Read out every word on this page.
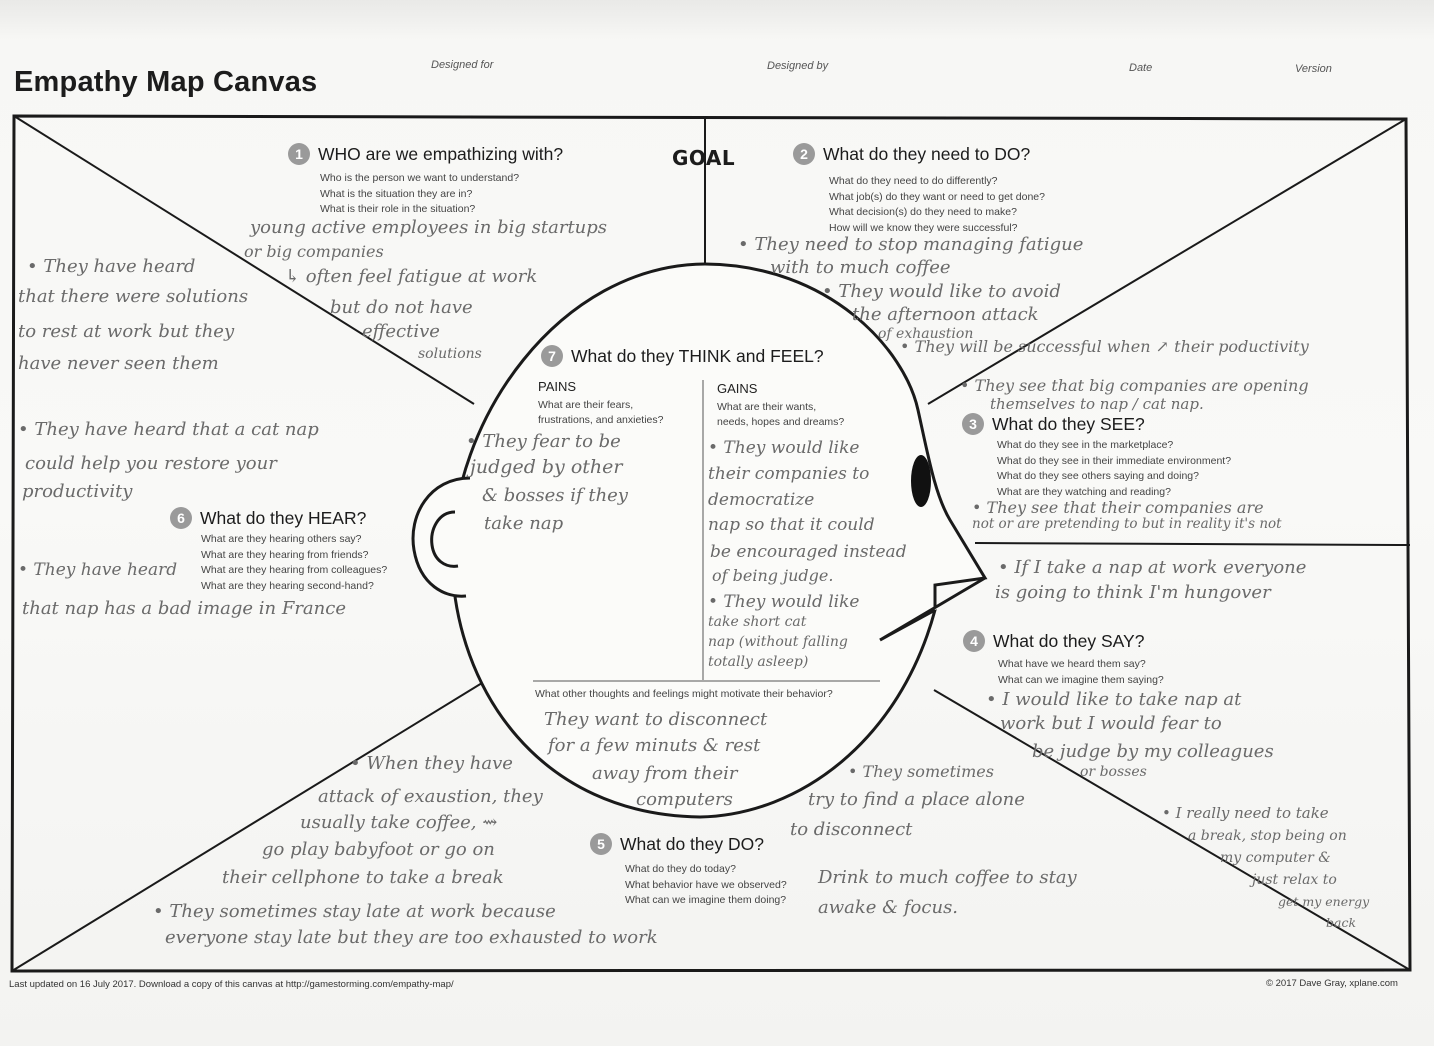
Empathy Map Canvas
Designed for	Designed by	Date	Version
GOAL
1 WHO are we empathizing with?
Who is the person we want to understand?
What is the situation they are in?
What is their role in the situation?
young active employees in big startups
or big companies
↳ often feel fatigue at work
but do not have
effective
solutions
2 What do they need to DO?
What do they need to do differently?
What job(s) do they want or need to get done?
What decision(s) do they need to make?
How will we know they were successful?
• They need to stop managing fatigue
with to much coffee
• They would like to avoid
the afternoon attack
of exhaustion
• They will be successful when ↗ their poductivity
• They see that big companies are opening
themselves to nap / cat nap.
3 What do they SEE?
What do they see in the marketplace?
What do they see in their immediate environment?
What do they see others saying and doing?
What are they watching and reading?
• They see that their companies are
not or are pretending to but in reality it's not
• If I take a nap at work everyone
is going to think I'm hungover
4 What do they SAY?
What have we heard them say?
What can we imagine them saying?
• I would like to take nap at
work but I would fear to
be judge by my colleagues
or bosses
• I really need to take
a break, stop being on
my computer &
just relax to
get my energy
back
5 What do they DO?
What do they do today?
What behavior have we observed?
What can we imagine them doing?
• When they have
attack of exaustion, they
usually take coffee, ⇝
go play babyfoot or go on
their cellphone to take a break
• They sometimes
try to find a place alone
to disconnect
Drink to much coffee to stay
awake & focus.
• They sometimes stay late at work because
everyone stay late but they are too exhausted to work
• They have heard
that there were solutions
to rest at work but they
have never seen them
• They have heard that a cat nap
could help you restore your
productivity
6 What do they HEAR?
What are they hearing others say?
What are they hearing from friends?
What are they hearing from colleagues?
What are they hearing second-hand?
• They have heard
that nap has a bad image in France
7 What do they THINK and FEEL?
PAINS
What are their fears,
frustrations, and anxieties?
• They fear to be
judged by other
& bosses if they
take nap
GAINS
What are their wants,
needs, hopes and dreams?
• They would like
their companies to
democratize
nap so that it could
be encouraged instead
of being judge.
• They would like
take short cat
nap (without falling
totally asleep)
What other thoughts and feelings might motivate their behavior?
They want to disconnect
for a few minuts & rest
away from their
computers
Last updated on 16 July 2017. Download a copy of this canvas at http://gamestorming.com/empathy-map/	© 2017 Dave Gray, xplane.com
